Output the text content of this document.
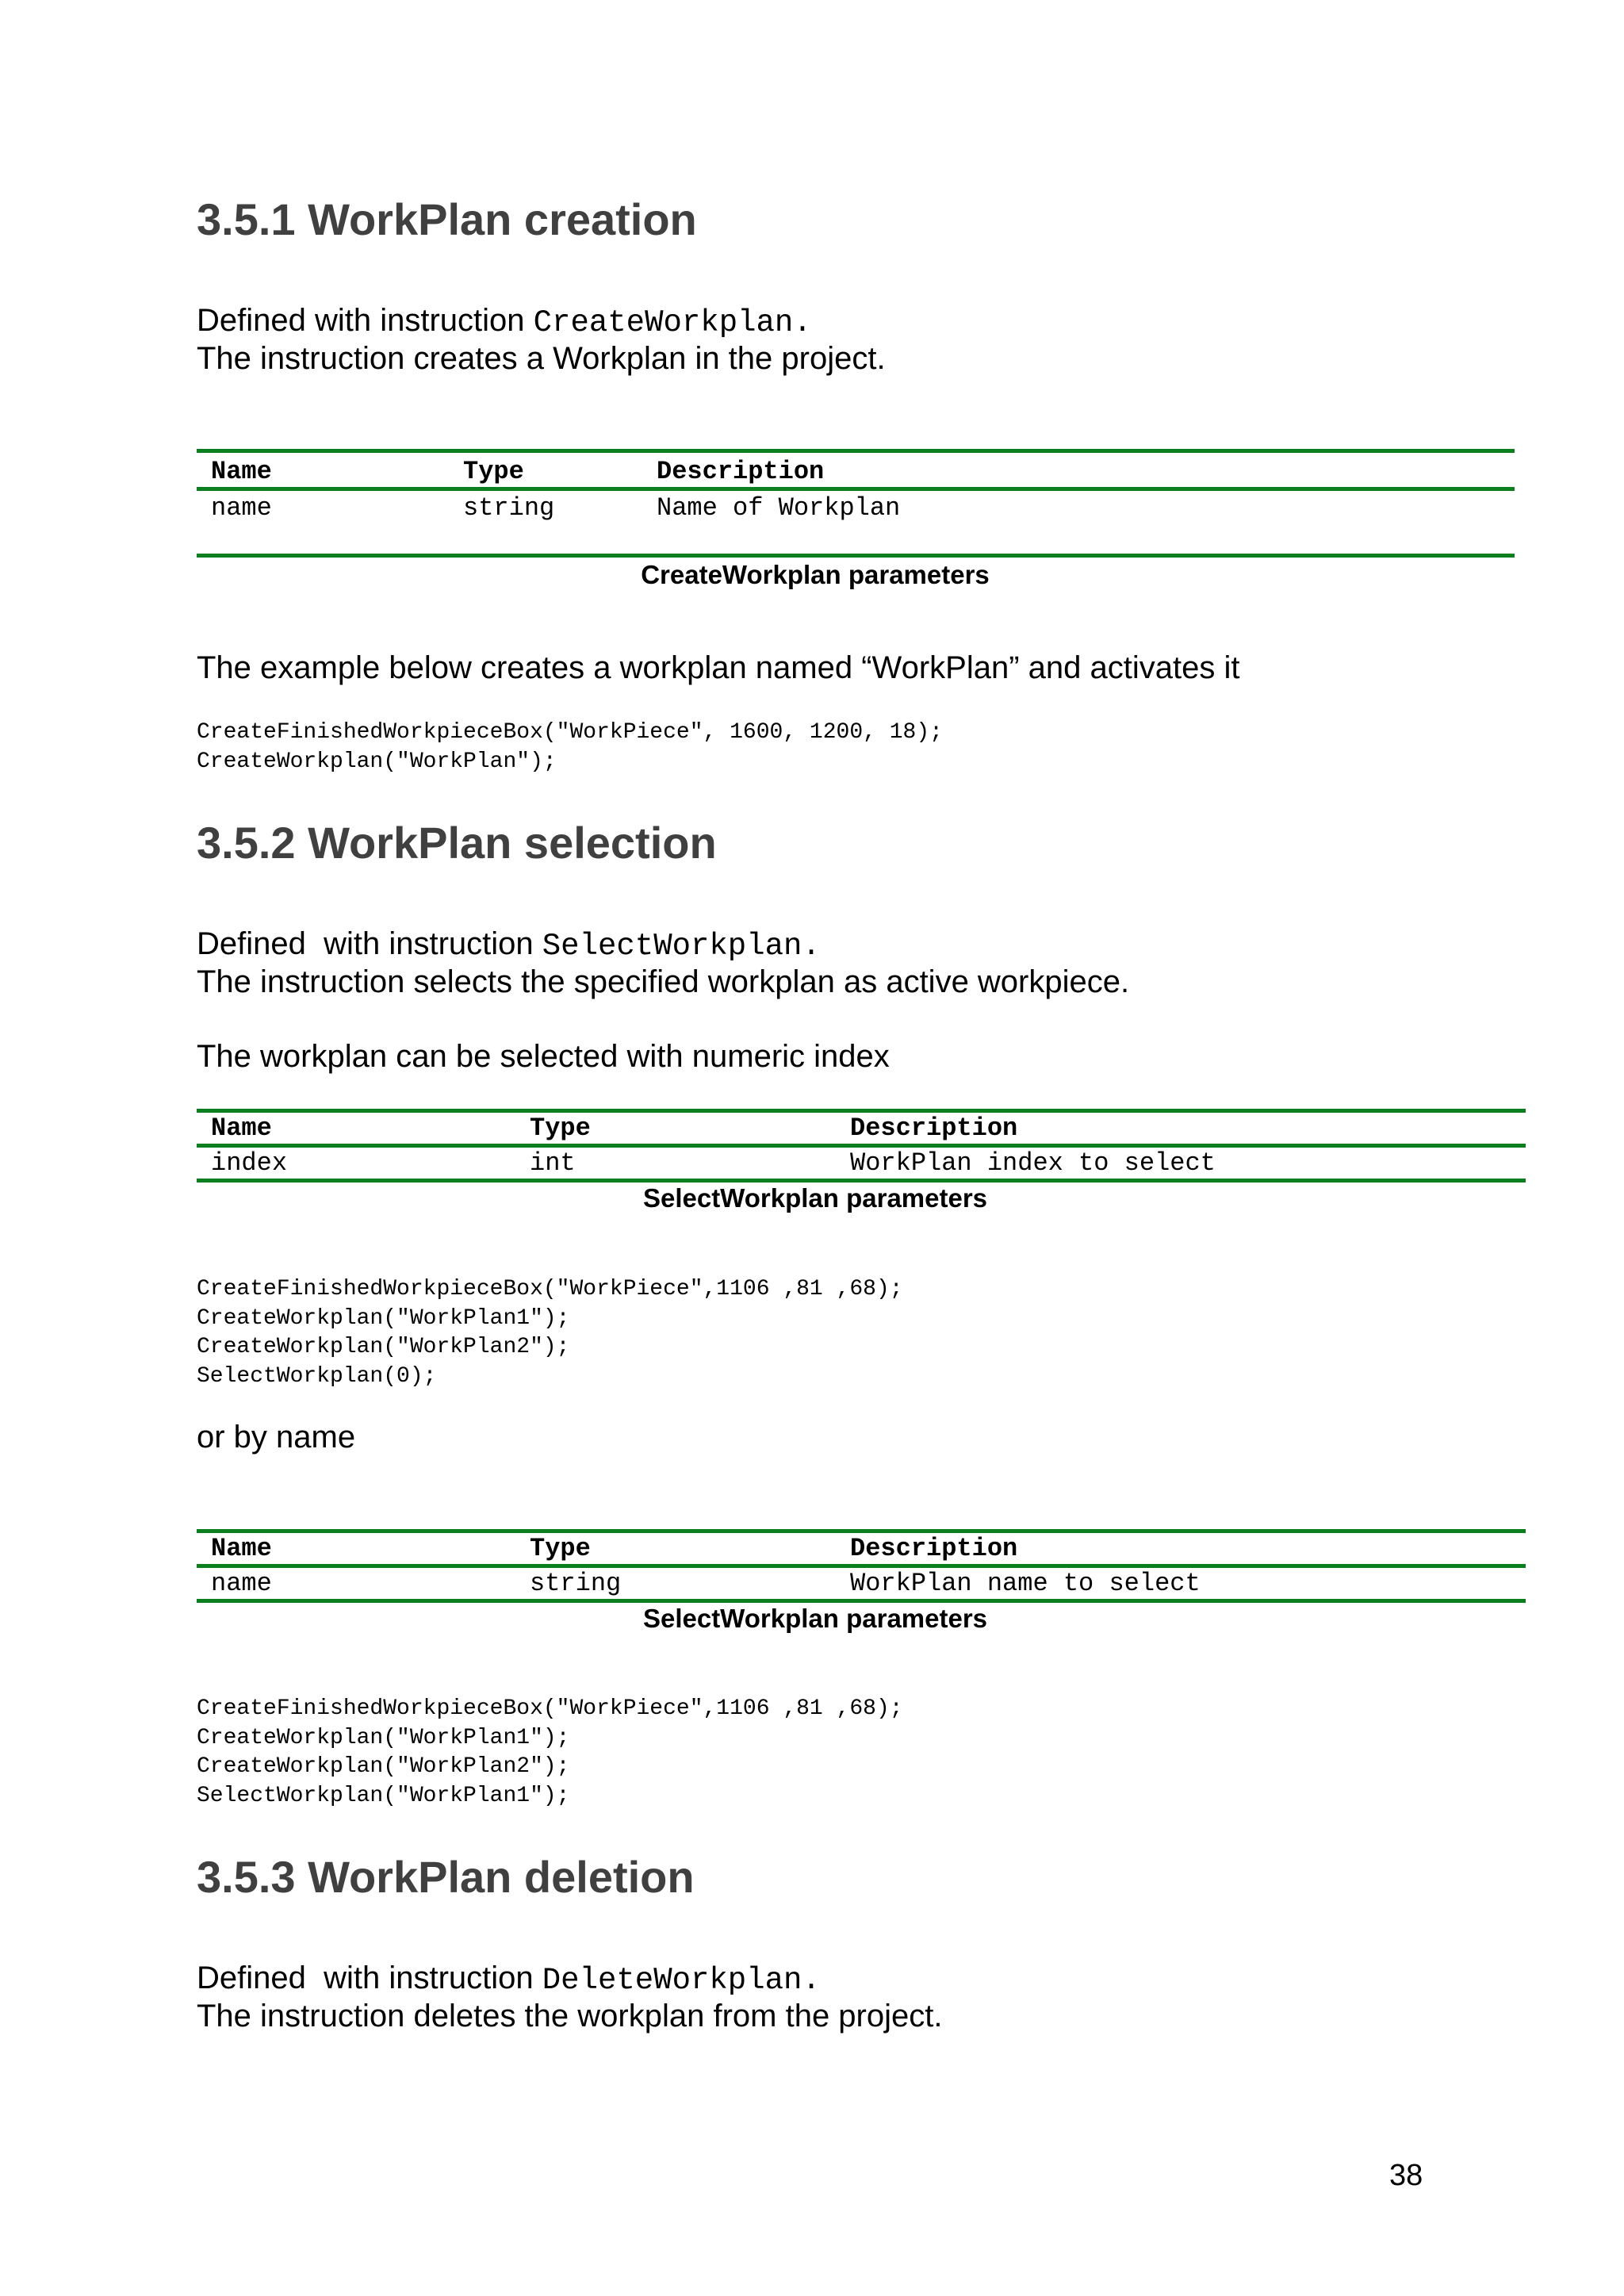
3.5.1 WorkPlan creation
Defined with instruction CreateWorkplan.
The instruction creates a Workplan in the project.
Name	Type	Description
name	string	Name of Workplan
CreateWorkplan parameters
The example below creates a workplan named “WorkPlan” and activates it
CreateFinishedWorkpieceBox("WorkPiece", 1600, 1200, 18);
CreateWorkplan("WorkPlan");
3.5.2 WorkPlan selection
Defined  with instruction SelectWorkplan.
The instruction selects the specified workplan as active workpiece.
The workplan can be selected with numeric index
Name	Type	Description
index	int	WorkPlan index to select
SelectWorkplan parameters
CreateFinishedWorkpieceBox("WorkPiece",1106 ,81 ,68);
CreateWorkplan("WorkPlan1");
CreateWorkplan("WorkPlan2");
SelectWorkplan(0);
or by name
Name	Type	Description
name	string	WorkPlan name to select
SelectWorkplan parameters
CreateFinishedWorkpieceBox("WorkPiece",1106 ,81 ,68);
CreateWorkplan("WorkPlan1");
CreateWorkplan("WorkPlan2");
SelectWorkplan("WorkPlan1");
3.5.3 WorkPlan deletion
Defined  with instruction DeleteWorkplan.
The instruction deletes the workplan from the project.
38
